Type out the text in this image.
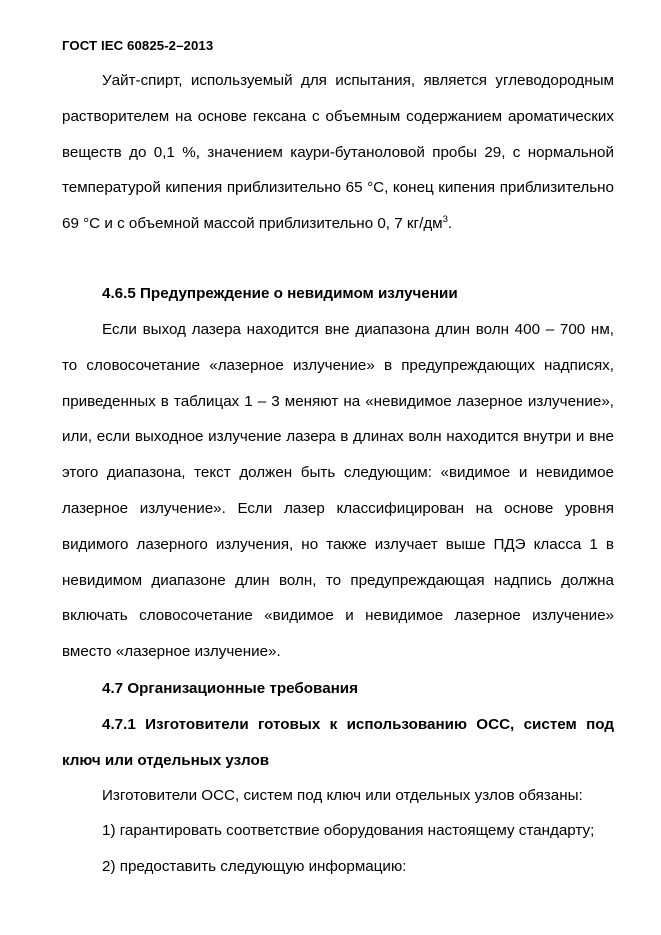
ГОСТ IEC 60825-2–2013

Уайт-спирт, используемый для испытания, является углеводородным растворителем на основе гексана с объемным содержанием ароматических веществ до 0,1 %, значением каури-бутаноловой пробы 29, с нормальной температурой кипения приблизительно 65 °C, конец кипения приблизительно 69 °C и с объемной массой приблизительно 0, 7 $кг/дм^3$.

4.6.5 Предупреждение о невидимом излучении

Если выход лазера находится вне диапазона длин волн 400 – 700 нм, то словосочетание «лазерное излучение» в предупреждающих надписях, приведенных в таблицах 1 – 3 меняют на «невидимое лазерное излучение», или, если выходное излучение лазера в длинах волн находится внутри и вне этого диапазона, текст должен быть следующим: «видимое и невидимое лазерное излучение». Если лазер классифицирован на основе уровня видимого лазерного излучения, но также излучает выше ПДЭ класса 1 в невидимом диапазоне длин волн, то предупреждающая надпись должна включать словосочетание «видимое и невидимое лазерное излучение» вместо «лазерное излучение».

4.7 Организационные требования

4.7.1 Изготовители готовых к использованию ОСС, систем под ключ или отдельных узлов

Изготовители ОСС, систем под ключ или отдельных узлов обязаны:

1) гарантировать соответствие оборудования настоящему стандарту;

2) предоставить следующую информацию:
